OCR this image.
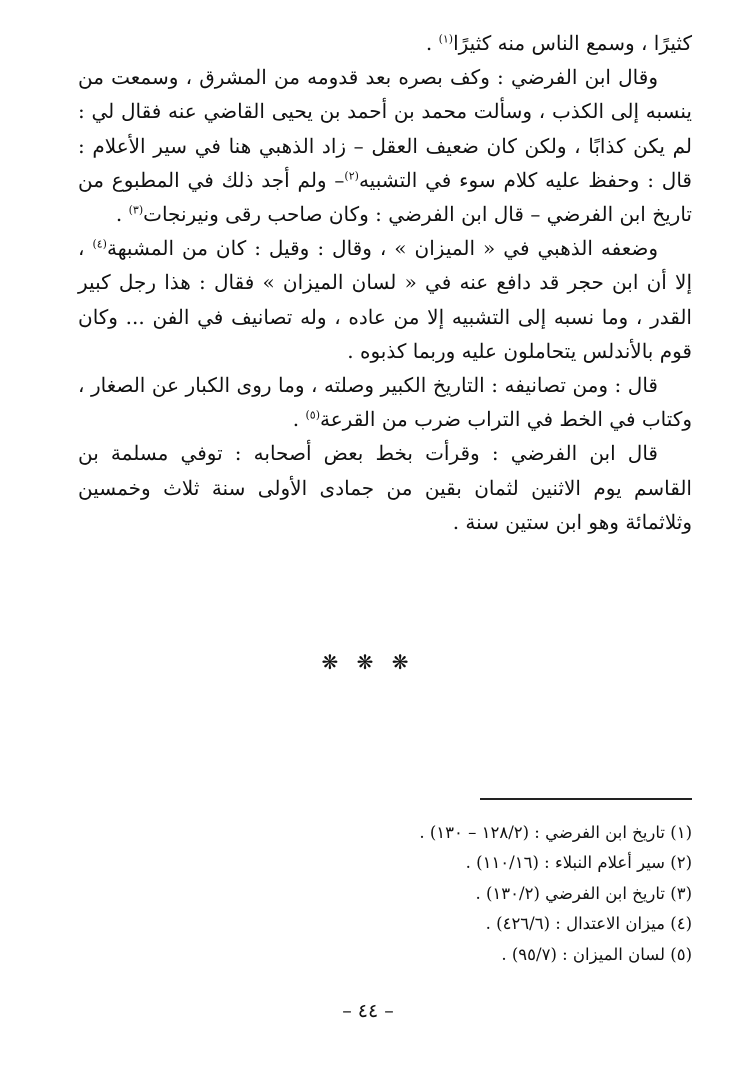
كثيرًا ، وسمع الناس منه كثيرًا$^{(١)}$ .

وقال ابن الفرضي : وكف بصره بعد قدومه من المشرق ، وسمعت من ينسبه إلى الكذب ، وسألت محمد بن أحمد بن يحيى القاضي عنه فقال لي : لم يكن كذابًا ، ولكن كان ضعيف العقل – زاد الذهبي هنا في سير الأعلام : قال : وحفظ عليه كلام سوء في التشبيه$^{(٢)}$– ولم أجد ذلك في المطبوع من تاريخ ابن الفرضي – قال ابن الفرضي : وكان صاحب رقى ونيرنجات$^{(٣)}$ .

وضعفه الذهبي في « الميزان » ، وقال : وقيل : كان من المشبهة$^{(٤)}$ ، إلا أن ابن حجر قد دافع عنه في « لسان الميزان » فقال : هذا رجل كبير القدر ، وما نسبه إلى التشبيه إلا من عاده ، وله تصانيف في الفن ... وكان قوم بالأندلس يتحاملون عليه وربما كذبوه .

قال : ومن تصانيفه : التاريخ الكبير وصلته ، وما روى الكبار عن الصغار ، وكتاب في الخط في التراب ضرب من القرعة$^{(٥)}$ .

قال ابن الفرضي : وقرأت بخط بعض أصحابه : توفي مسلمة بن القاسم يوم الاثنين لثمان بقين من جمادى الأولى سنة ثلاث وخمسين وثلاثمائة وهو ابن ستين سنة .

❋ ❋ ❋
(١) تاريخ ابن الفرضي : (١٢٨/٢ – ١٣٠) .
(٢) سير أعلام النبلاء : (١١٠/١٦) .
(٣) تاريخ ابن الفرضي (١٣٠/٢) .
(٤) ميزان الاعتدال : (٤٢٦/٦) .
(٥) لسان الميزان : (٩٥/٧) .
– ٤٤ –
